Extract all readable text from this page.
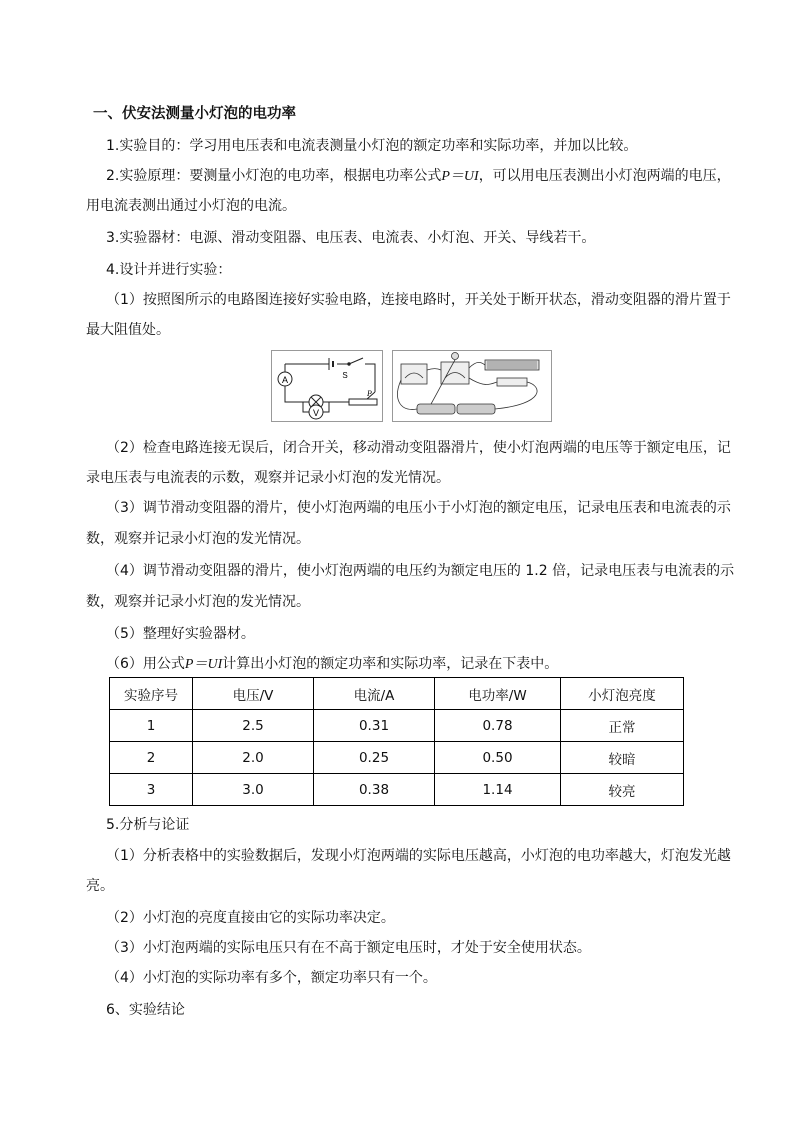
一、伏安法测量小灯泡的电功率
1.实验目的：学习用电压表和电流表测量小灯泡的额定功率和实际功率，并加以比较。
2.实验原理：要测量小灯泡的电功率，根据电功率公式P＝UI，可以用电压表测出小灯泡两端的电压，
用电流表测出通过小灯泡的电流。
3.实验器材：电源、滑动变阻器、电压表、电流表、小灯泡、开关、导线若干。
4.设计并进行实验：
（1）按照图所示的电路图连接好实验电路，连接电路时，开关处于断开状态，滑动变阻器的滑片置于
最大阻值处。
A
V
S
P
（2）检查电路连接无误后，闭合开关，移动滑动变阻器滑片，使小灯泡两端的电压等于额定电压，记
录电压表与电流表的示数，观察并记录小灯泡的发光情况。
（3）调节滑动变阻器的滑片，使小灯泡两端的电压小于小灯泡的额定电压，记录电压表和电流表的示
数，观察并记录小灯泡的发光情况。
（4）调节滑动变阻器的滑片，使小灯泡两端的电压约为额定电压的 1.2 倍，记录电压表与电流表的示
数，观察并记录小灯泡的发光情况。
（5）整理好实验器材。
（6）用公式P＝UI计算出小灯泡的额定功率和实际功率，记录在下表中。
实验序号	电压/V	电流/A	电功率/W	小灯泡亮度
1	2.5	0.31	0.78	正常
2	2.0	0.25	0.50	较暗
3	3.0	0.38	1.14	较亮
5.分析与论证
（1）分析表格中的实验数据后，发现小灯泡两端的实际电压越高，小灯泡的电功率越大，灯泡发光越
亮。
（2）小灯泡的亮度直接由它的实际功率决定。
（3）小灯泡两端的实际电压只有在不高于额定电压时，才处于安全使用状态。
（4）小灯泡的实际功率有多个，额定功率只有一个。
6、实验结论
